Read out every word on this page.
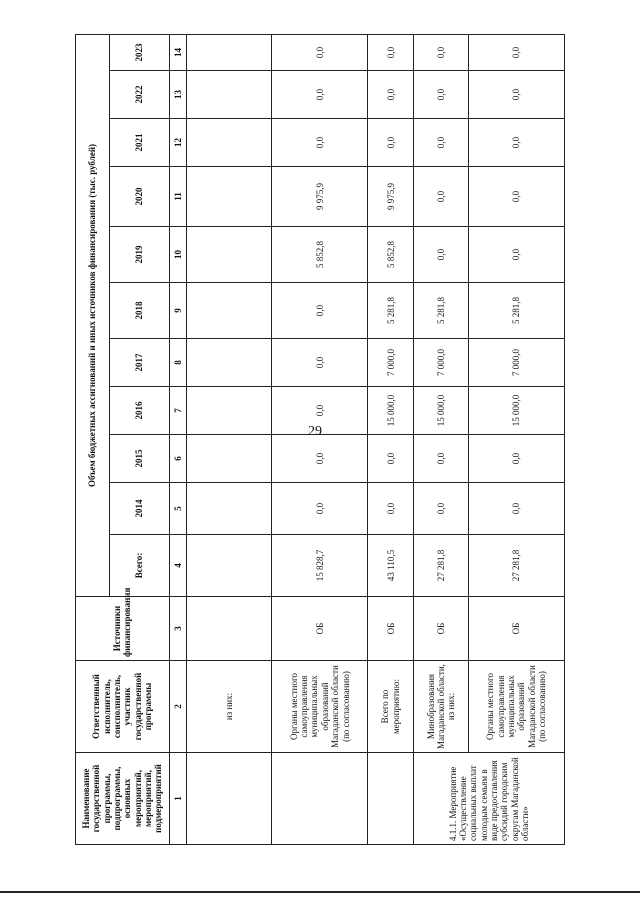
29
Наименование государственной программы, подпрограммы, основных мероприятий, мероприятий, подмероприятий	Ответственный исполнитель, соисполнитель, участник государственной программы	Источники финансирования	Объем бюджетных ассигнований и иных источников финансирования (тыс. рублей)										
			Всего:	2014	2015	2016	2017	2018	2019	2020	2021	2022	2023
1	2	3	4	5	6	7	8	9	10	11	12	13	14
	из них:												
	Органы местного самоуправления муниципальных образований Магаданской области (по согласованию)	ОБ	15 828,7	0,0	0,0	0,0	0,0	0,0	5 852,8	9 975,9	0,0	0,0	0,0
	Всего по мероприятию:	ОБ	43 110,5	0,0	0,0	15 000,0	7 000,0	5 281,8	5 852,8	9 975,9	0,0	0,0	0,0
4.1.1. Мероприятие «Осуществление социальных выплат молодым семьям в виде предоставления субсидий городским округам Магаданской области»	Минобразования Магаданской области, из них:	ОБ	27 281,8	0,0	0,0	15 000,0	7 000,0	5 281,8	0,0	0,0	0,0	0,0	0,0
	Органы местного самоуправления муниципальных образований Магаданской области (по согласованию)	ОБ	27 281,8	0,0	0,0	15 000,0	7 000,0	5 281,8	0,0	0,0	0,0	0,0	0,0
